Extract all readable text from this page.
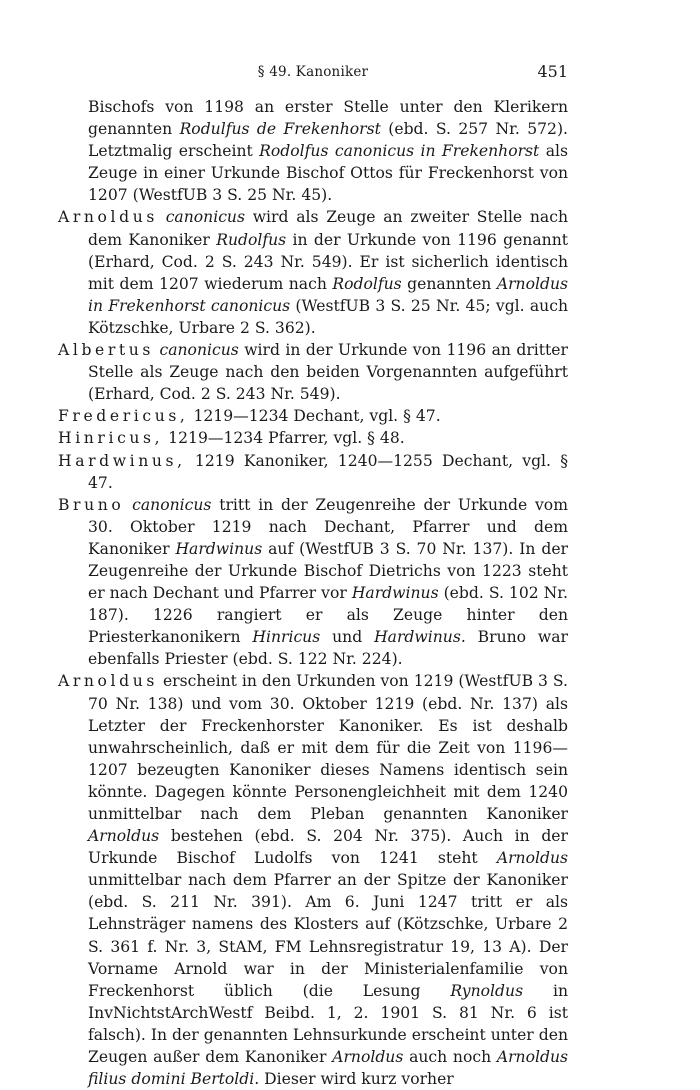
§ 49. Kanoniker	451

Bischofs von 1198 an erster Stelle unter den Klerikern genannten Rodulfus de Frekenhorst (ebd. S. 257 Nr. 572). Letztmalig erscheint Rodolfus canonicus in Frekenhorst als Zeuge in einer Urkunde Bischof Ottos für Freckenhorst von 1207 (WestfUB 3 S. 25 Nr. 45).

Arnoldus canonicus wird als Zeuge an zweiter Stelle nach dem Kanoniker Rudolfus in der Urkunde von 1196 genannt (Erhard, Cod. 2 S. 243 Nr. 549). Er ist sicherlich identisch mit dem 1207 wiederum nach Rodolfus genannten Arnoldus in Frekenhorst canonicus (WestfUB 3 S. 25 Nr. 45; vgl. auch Kötzschke, Urbare 2 S. 362).

Albertus canonicus wird in der Urkunde von 1196 an dritter Stelle als Zeuge nach den beiden Vorgenannten aufgeführt (Erhard, Cod. 2 S. 243 Nr. 549).

Fredericus, 1219—1234 Dechant, vgl. § 47.

Hinricus, 1219—1234 Pfarrer, vgl. § 48.

Hardwinus, 1219 Kanoniker, 1240—1255 Dechant, vgl. § 47.

Bruno canonicus tritt in der Zeugenreihe der Urkunde vom 30. Oktober 1219 nach Dechant, Pfarrer und dem Kanoniker Hardwinus auf (WestfUB 3 S. 70 Nr. 137). In der Zeugenreihe der Urkunde Bischof Dietrichs von 1223 steht er nach Dechant und Pfarrer vor Hardwinus (ebd. S. 102 Nr. 187). 1226 rangiert er als Zeuge hinter den Priesterkanonikern Hinricus und Hardwinus. Bruno war ebenfalls Priester (ebd. S. 122 Nr. 224).

Arnoldus erscheint in den Urkunden von 1219 (WestfUB 3 S. 70 Nr. 138) und vom 30. Oktober 1219 (ebd. Nr. 137) als Letzter der Freckenhorster Kanoniker. Es ist deshalb unwahrscheinlich, daß er mit dem für die Zeit von 1196—1207 bezeugten Kanoniker dieses Namens identisch sein könnte. Dagegen könnte Personengleichheit mit dem 1240 unmittelbar nach dem Pleban genannten Kanoniker Arnoldus bestehen (ebd. S. 204 Nr. 375). Auch in der Urkunde Bischof Ludolfs von 1241 steht Arnoldus unmittelbar nach dem Pfarrer an der Spitze der Kanoniker (ebd. S. 211 Nr. 391). Am 6. Juni 1247 tritt er als Lehnsträger namens des Klosters auf (Kötzschke, Urbare 2 S. 361 f. Nr. 3, StAM, FM Lehnsregistratur 19, 13 A). Der Vorname Arnold war in der Ministerialenfamilie von Freckenhorst üblich (die Lesung Rynoldus in InvNichtstArchWestf Beibd. 1, 2. 1901 S. 81 Nr. 6 ist falsch). In der genannten Lehnsurkunde erscheint unter den Zeugen außer dem Kanoniker Arnoldus auch noch Arnoldus filius domini Bertoldi. Dieser wird kurz vorher
